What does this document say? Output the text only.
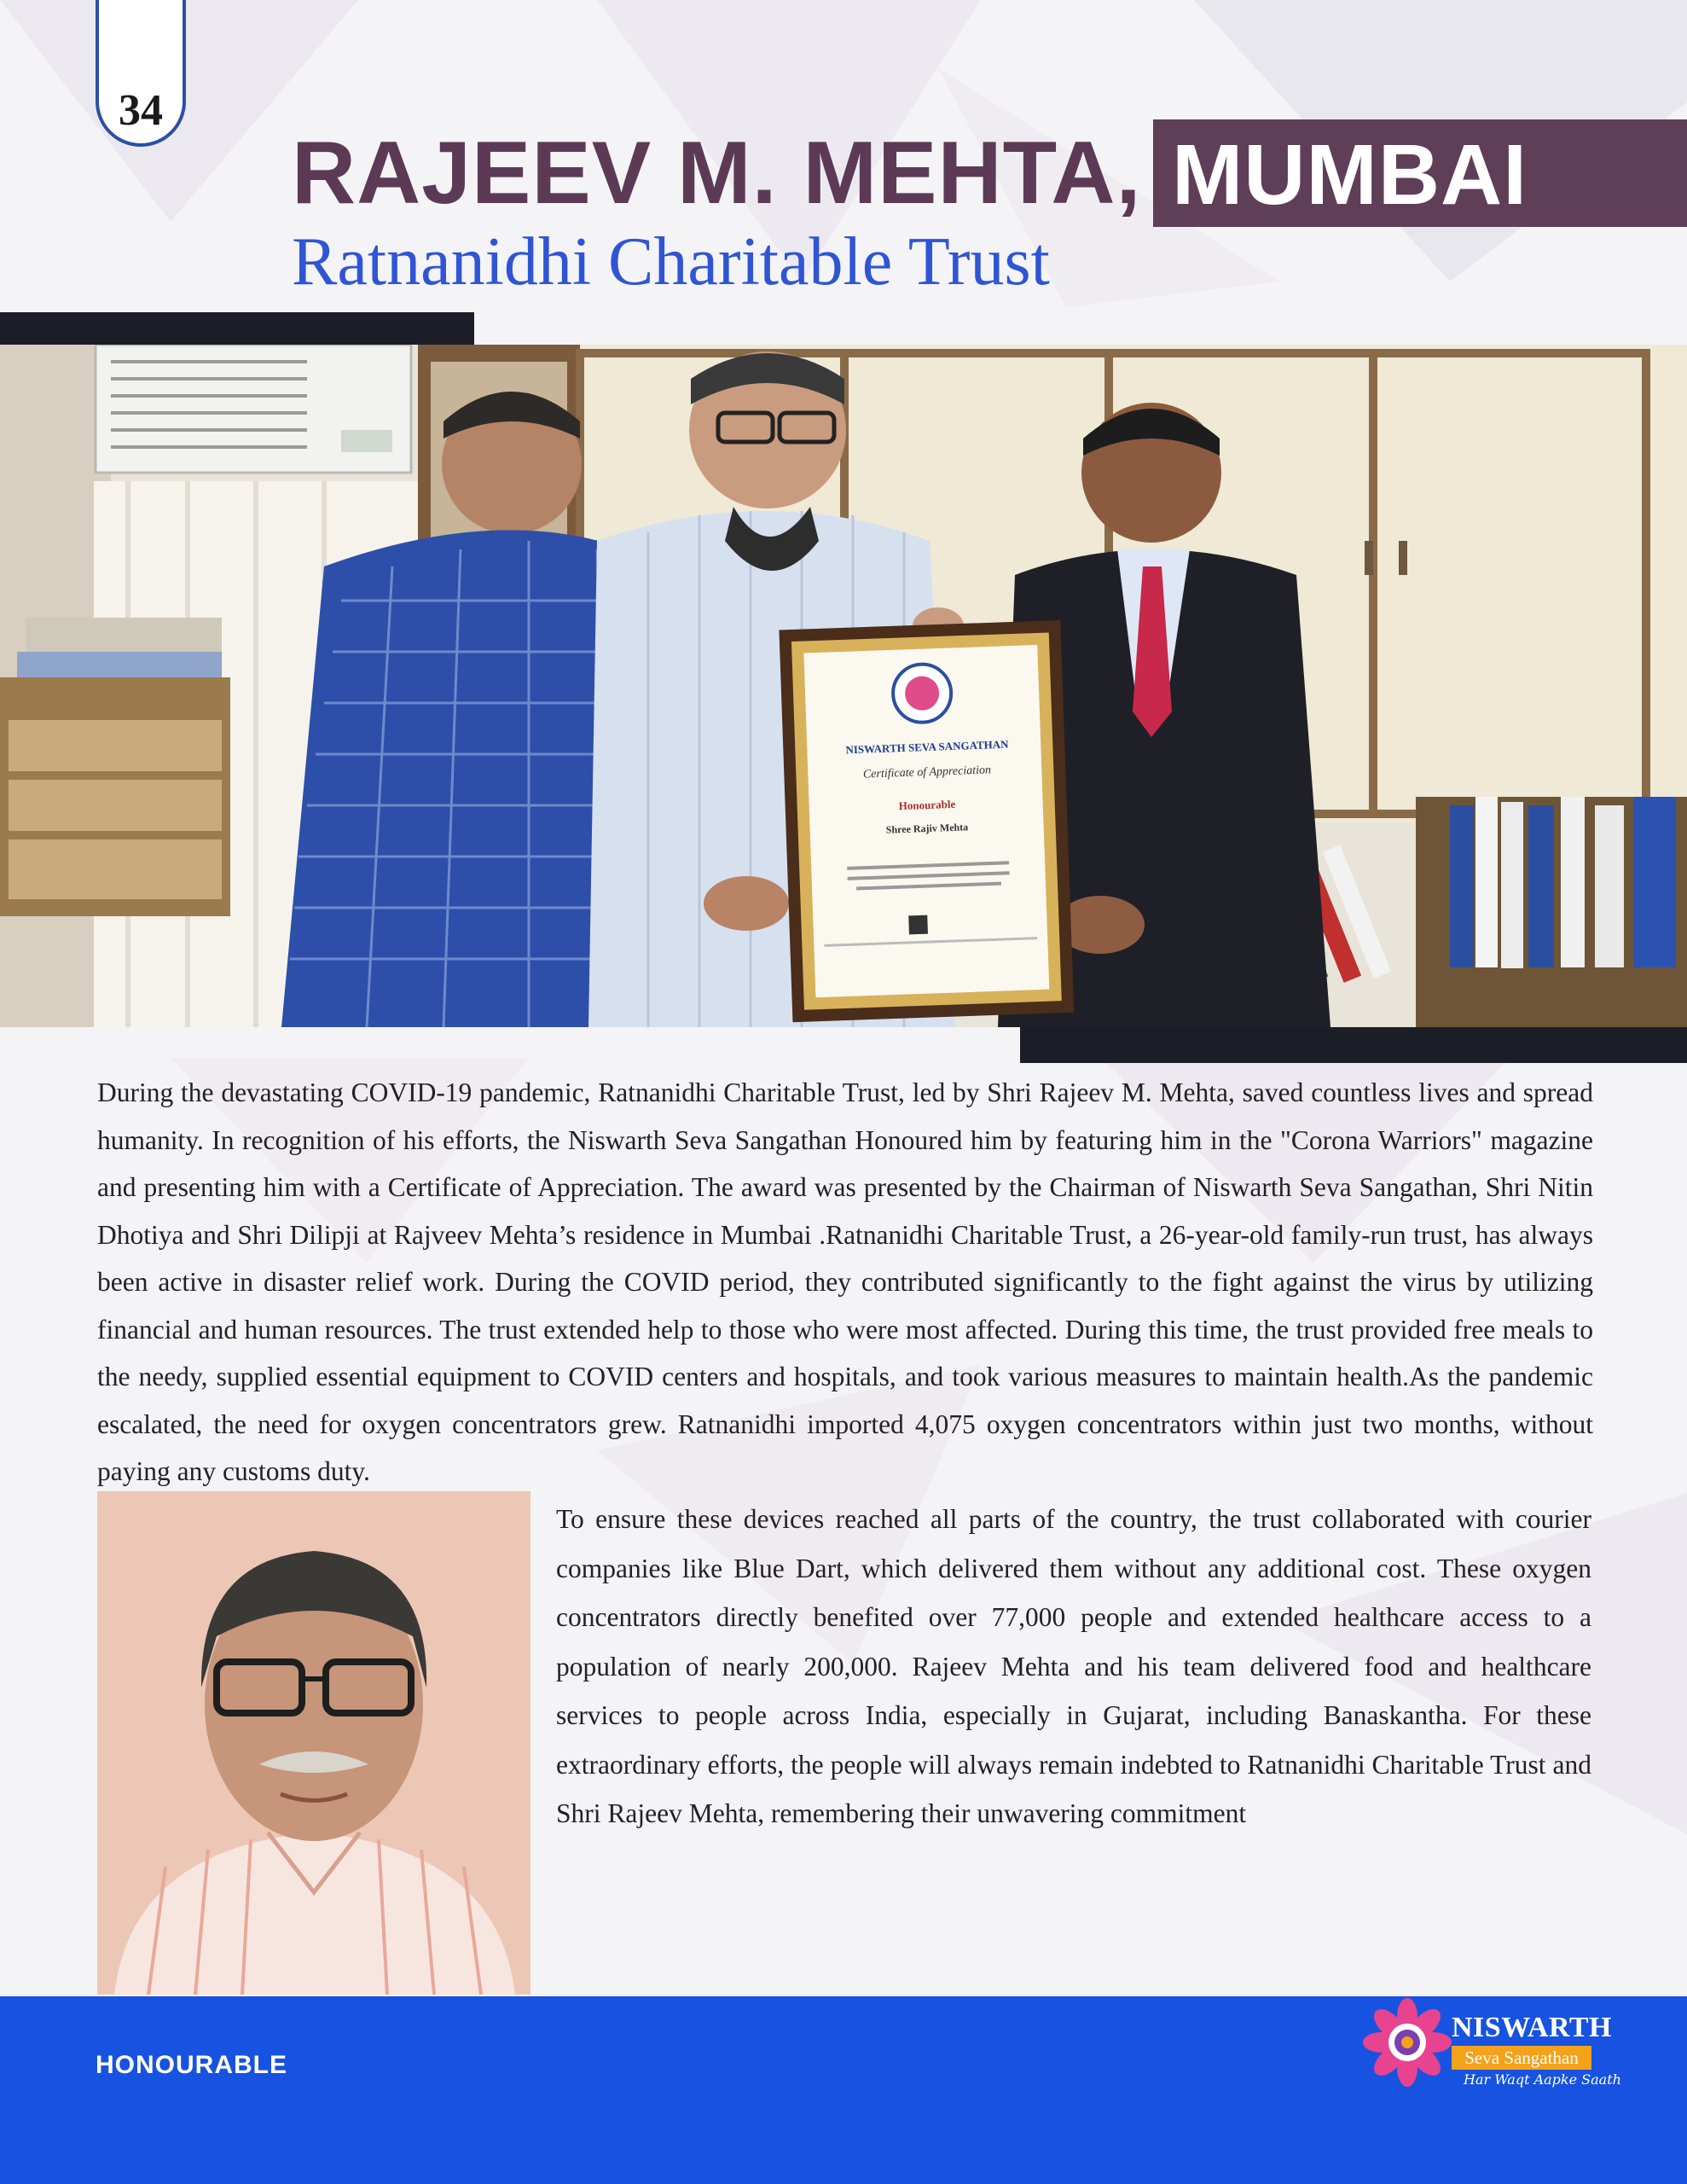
34
RAJEEV M. MEHTA, MUMBAI
Ratnanidhi Charitable Trust
NISWARTH SEVA SANGATHAN
Certificate of Appreciation
Honourable
Shree Rajiv Mehta

During the devastating COVID-19 pandemic, Ratnanidhi Charitable Trust, led by Shri Rajeev M. Mehta, saved countless lives and spread humanity. In recognition of his efforts, the Niswarth Seva Sangathan Honoured him by featuring him in the "Corona Warriors" magazine and presenting him with a Certificate of Appreciation. The award was presented by the Chairman of Niswarth Seva Sangathan, Shri Nitin Dhotiya and Shri Dilipji at Rajveev Mehta’s residence in Mumbai .Ratnanidhi Charitable Trust, a 26-year-old family-run trust, has always been active in disaster relief work. During the COVID period, they contributed significantly to the fight against the virus by utilizing financial and human resources. The trust extended help to those who were most affected. During this time, the trust provided free meals to the needy, supplied essential equipment to COVID centers and hospitals, and took various measures to maintain health.As the pandemic escalated, the need for oxygen concentrators grew. Ratnanidhi imported 4,075 oxygen concentrators within just two months, without paying any customs duty.

To ensure these devices reached all parts of the country, the trust collaborated with courier companies like Blue Dart, which delivered them without any additional cost. These oxygen concentrators directly benefited over 77,000 people and extended healthcare access to a population of nearly 200,000. Rajeev Mehta and his team delivered food and healthcare services to people across India, especially in Gujarat, including Banaskantha. For these extraordinary efforts, the people will always remain indebted to Ratnanidhi Charitable Trust and Shri Rajeev Mehta, remembering their unwavering commitment

HONOURABLE
NISWARTH
Seva Sangathan
Har Waqt Aapke Saath
